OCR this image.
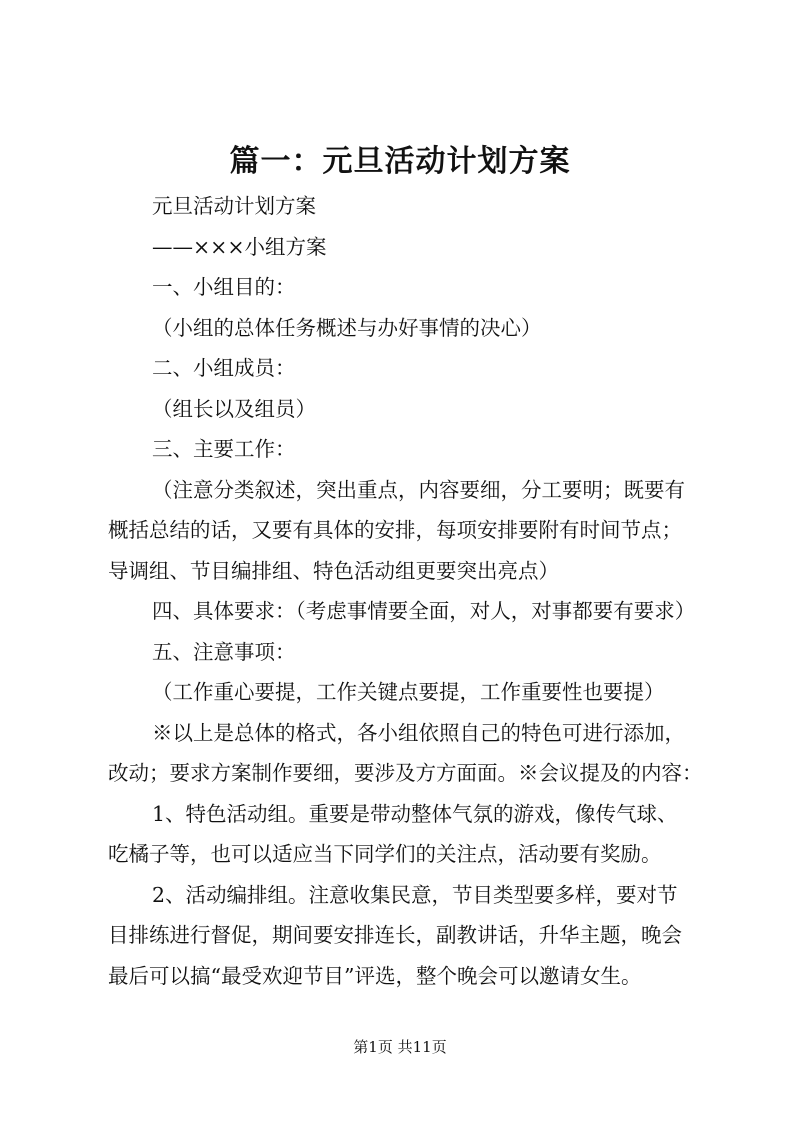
篇一：元旦活动计划方案
元旦活动计划方案
——×××小组方案
一、小组目的：
（小组的总体任务概述与办好事情的决心）
二、小组成员：
（组长以及组员）
三、主要工作：
（注意分类叙述，突出重点，内容要细，分工要明；既要有
概括总结的话，又要有具体的安排，每项安排要附有时间节点；
导调组、节目编排组、特色活动组更要突出亮点）
四、具体要求：（考虑事情要全面，对人，对事都要有要求）
五、注意事项：
（工作重心要提，工作关键点要提，工作重要性也要提）
※以上是总体的格式，各小组依照自己的特色可进行添加，
改动；要求方案制作要细，要涉及方方面面。※会议提及的内容：
1、特色活动组。重要是带动整体气氛的游戏，像传气球、
吃橘子等，也可以适应当下同学们的关注点，活动要有奖励。
2、活动编排组。注意收集民意，节目类型要多样，要对节
目排练进行督促，期间要安排连长，副教讲话，升华主题，晚会
最后可以搞“最受欢迎节目”评选，整个晚会可以邀请女生。
第1页 共11页
